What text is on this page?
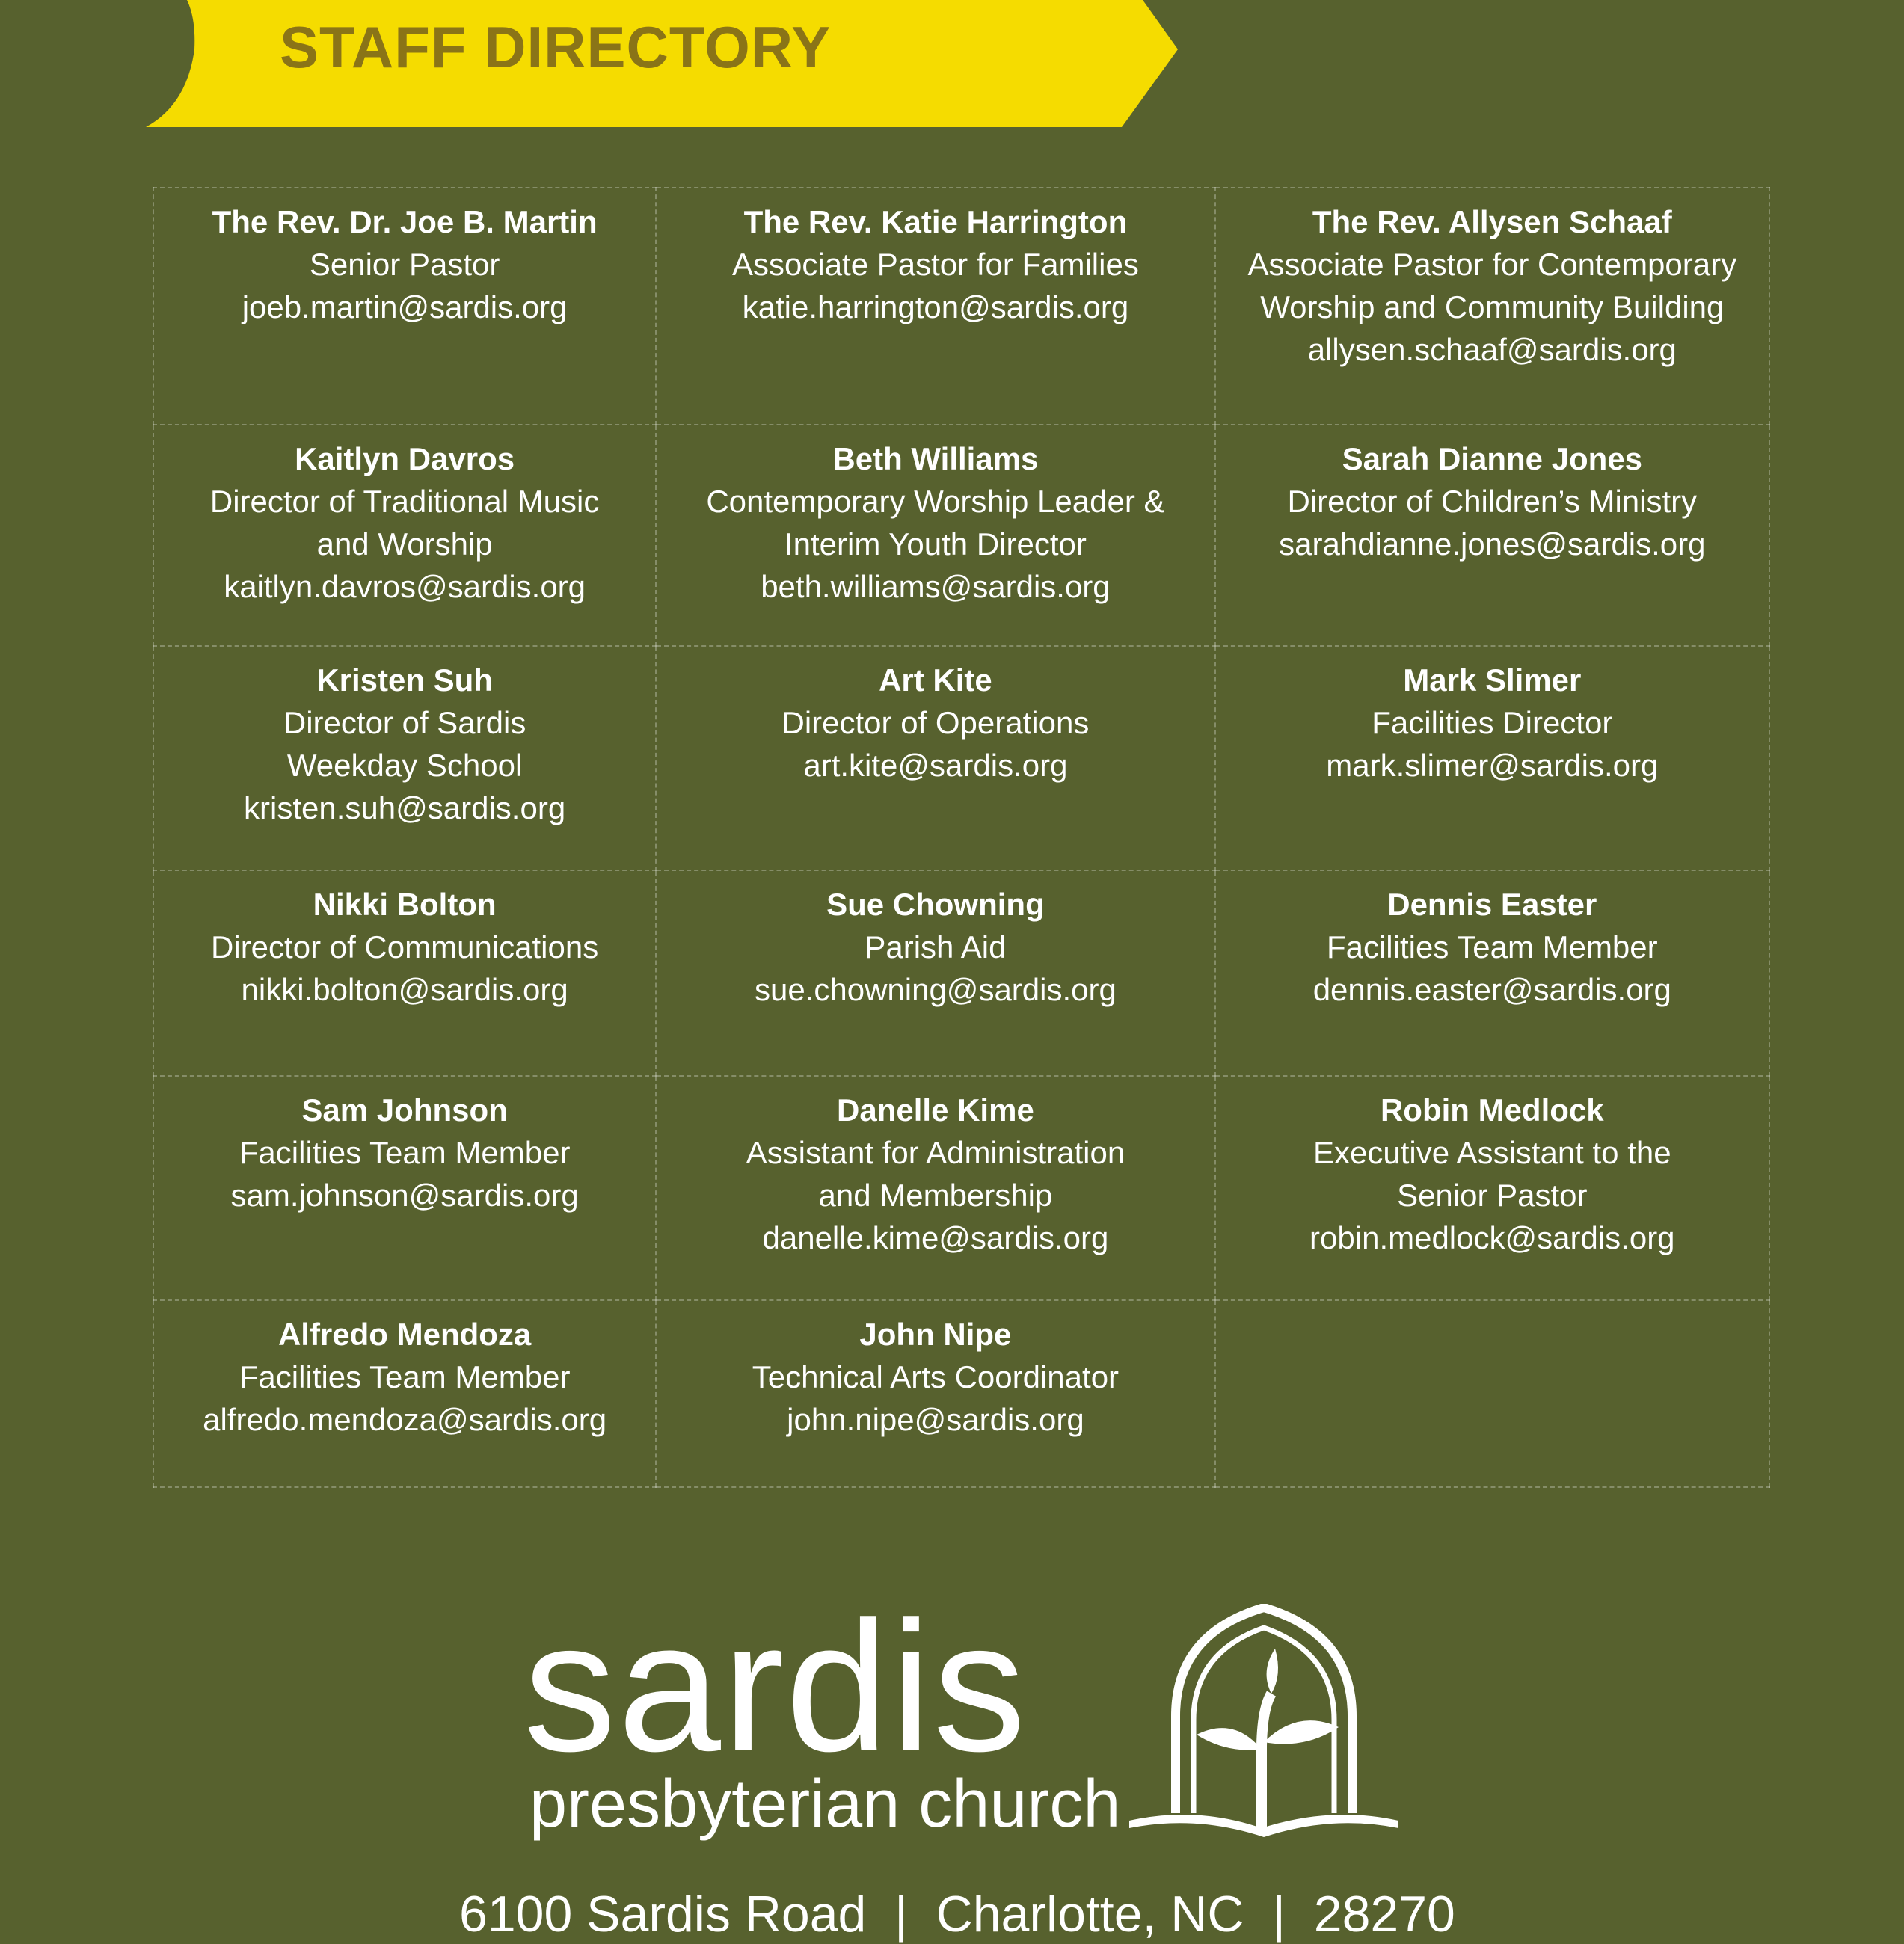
STAFF DIRECTORY
The Rev. Dr. Joe B. Martin
Senior Pastor
joeb.martin@sardis.org	The Rev. Katie Harrington
Associate Pastor for Families
katie.harrington@sardis.org	The Rev. Allysen Schaaf
Associate Pastor for Contemporary
Worship and Community Building
allysen.schaaf@sardis.org

Kaitlyn Davros
Director of Traditional Music
and Worship
kaitlyn.davros@sardis.org	Beth Williams
Contemporary Worship Leader &
Interim Youth Director
beth.williams@sardis.org	Sarah Dianne Jones
Director of Children’s Ministry
sarahdianne.jones@sardis.org

Kristen Suh
Director of Sardis
Weekday School
kristen.suh@sardis.org	Art Kite
Director of Operations
art.kite@sardis.org	Mark Slimer
Facilities Director
mark.slimer@sardis.org

Nikki Bolton
Director of Communications
nikki.bolton@sardis.org	Sue Chowning
Parish Aid
sue.chowning@sardis.org	Dennis Easter
Facilities Team Member
dennis.easter@sardis.org

Sam Johnson
Facilities Team Member
sam.johnson@sardis.org	Danelle Kime
Assistant for Administration
and Membership
danelle.kime@sardis.org	Robin Medlock
Executive Assistant to the
Senior Pastor
robin.medlock@sardis.org

Alfredo Mendoza
Facilities Team Member
alfredo.mendoza@sardis.org	John Nipe
Technical Arts Coordinator
john.nipe@sardis.org	

sardis
presbyterian church
6100 Sardis Road  |  Charlotte, NC  |  28270
